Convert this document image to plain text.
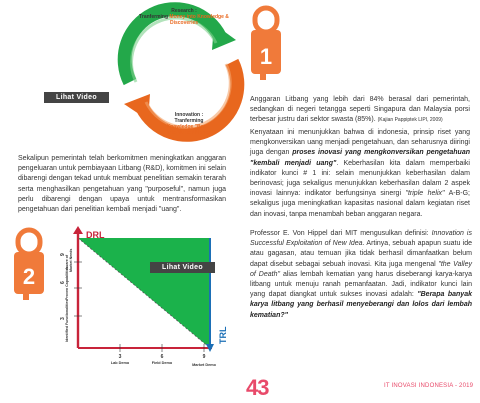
Research :
Tranferming Money into Knowledge & Discoveries
Innovation :
Tranferming
Knowledge "Back"
Into Value / Money
Lihat Video
1
Sekalipun pemerintah telah berkomitmen meningkatkan anggaran pengeluaran untuk pembiayaan Litbang (R&D), komitmen ini selain dibarengi dengan tekad untuk membuat penelitian semakin terarah serta menghasilkan pengetahuan yang "purposeful", namun juga perlu dibarengi dengan upaya untuk mentransformasikan pengetahuan dari penelitian kembali menjadi "uang".
Anggaran Litbang yang lebih dari 84% berasal dari pemerintah, sedangkan di negeri tetangga seperti Singapura dan Malaysia porsi terbesar justru dari sektor swasta (85%). (Kajian Pappiptek LIPI, 2009)
Kenyataan ini menunjukkan bahwa di indonesia, prinsip riset yang mengkonversikan uang menjadi pengetahuan, dan seharusnya diiringi juga dengan proses inovasi yang mengkonversikan pengetahuan "kembali menjadi uang". Keberhasilan kita dalam memperbaiki indikator kunci # 1 ini: selain menunjukkan keberhasilan dalam berinovasi; juga sekaligus menunjukkan keberhasilan dalam 2 aspek inovasi lainnya: indikator berfungsinya sinergi "triple helix" A-B-G; sekaligus juga meningkatkan kapasitas nasional dalam kegiatan riset dan inovasi, tanpa menambah beban anggaran negara.
2
DRL
TRL
9
6
3
Aware of Market Needs
Proven Capabilities
Identified Functionalities
3	6	9
Lab Demo	Field Demo	Market Demo
Lihat Video
Professor E. Von Hippel dari MIT mengusulkan definisi: Innovation is Successful Exploitation of New Idea. Artinya, sebuah apapun suatu ide atau gagasan, atau temuan jika tidak berhasil dimanfaatkan belum dapat disebut sebagai sebuah inovasi. Kita juga mengenal "the Valley of Death" alias lembah kematian yang harus diseberangi karya-karya litbang untuk menuju ranah pemanfaatan. Jadi, indikator kunci lain yang dapat diangkat untuk sukses inovasi adalah: "Berapa banyak karya litbang yang berhasil menyeberangi dan lolos dari lembah kematian?"
43	IT INOVASI INDONESIA - 2019
